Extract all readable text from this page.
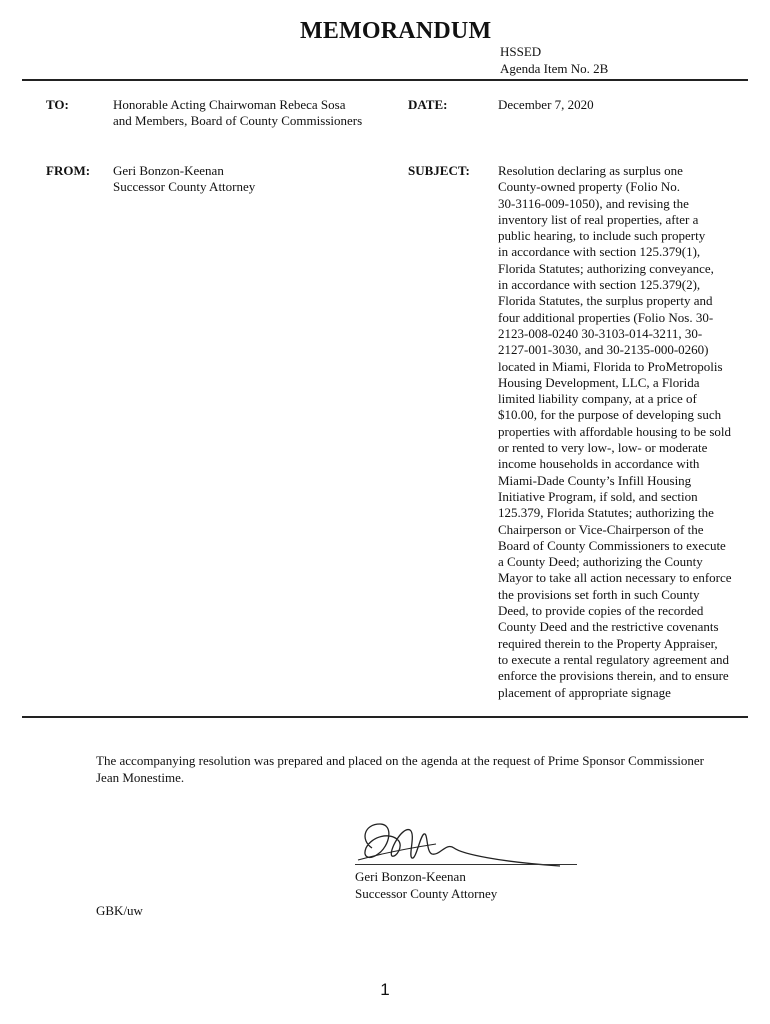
MEMORANDUM
HSSED
Agenda Item No. 2B
TO:	Honorable Acting Chairwoman Rebeca Sosa
and Members, Board of County Commissioners
DATE:	December 7, 2020
FROM: Geri Bonzon-Keenan
Successor County Attorney
SUBJECT: Resolution declaring as surplus one
County-owned property (Folio No.
30-3116-009-1050), and revising the
inventory list of real properties, after a
public hearing, to include such property
in accordance with section 125.379(1),
Florida Statutes; authorizing conveyance,
in accordance with section 125.379(2),
Florida Statutes, the surplus property and
four additional properties (Folio Nos. 30-
2123-008-0240 30-3103-014-3211, 30-
2127-001-3030, and 30-2135-000-0260)
located in Miami, Florida to ProMetropolis
Housing Development, LLC, a Florida
limited liability company, at a price of
$10.00, for the purpose of developing such
properties with affordable housing to be sold
or rented to very low-, low- or moderate
income households in accordance with
Miami-Dade County’s Infill Housing
Initiative Program, if sold, and section
125.379, Florida Statutes; authorizing the
Chairperson or Vice-Chairperson of the
Board of County Commissioners to execute
a County Deed; authorizing the County
Mayor to take all action necessary to enforce
the provisions set forth in such County
Deed, to provide copies of the recorded
County Deed and the restrictive covenants
required therein to the Property Appraiser,
to execute a rental regulatory agreement and
enforce the provisions therein, and to ensure
placement of appropriate signage
The accompanying resolution was prepared and placed on the agenda at the request of Prime Sponsor Commissioner Jean Monestime.
Geri Bonzon-Keenan
Successor County Attorney
GBK/uw
1
